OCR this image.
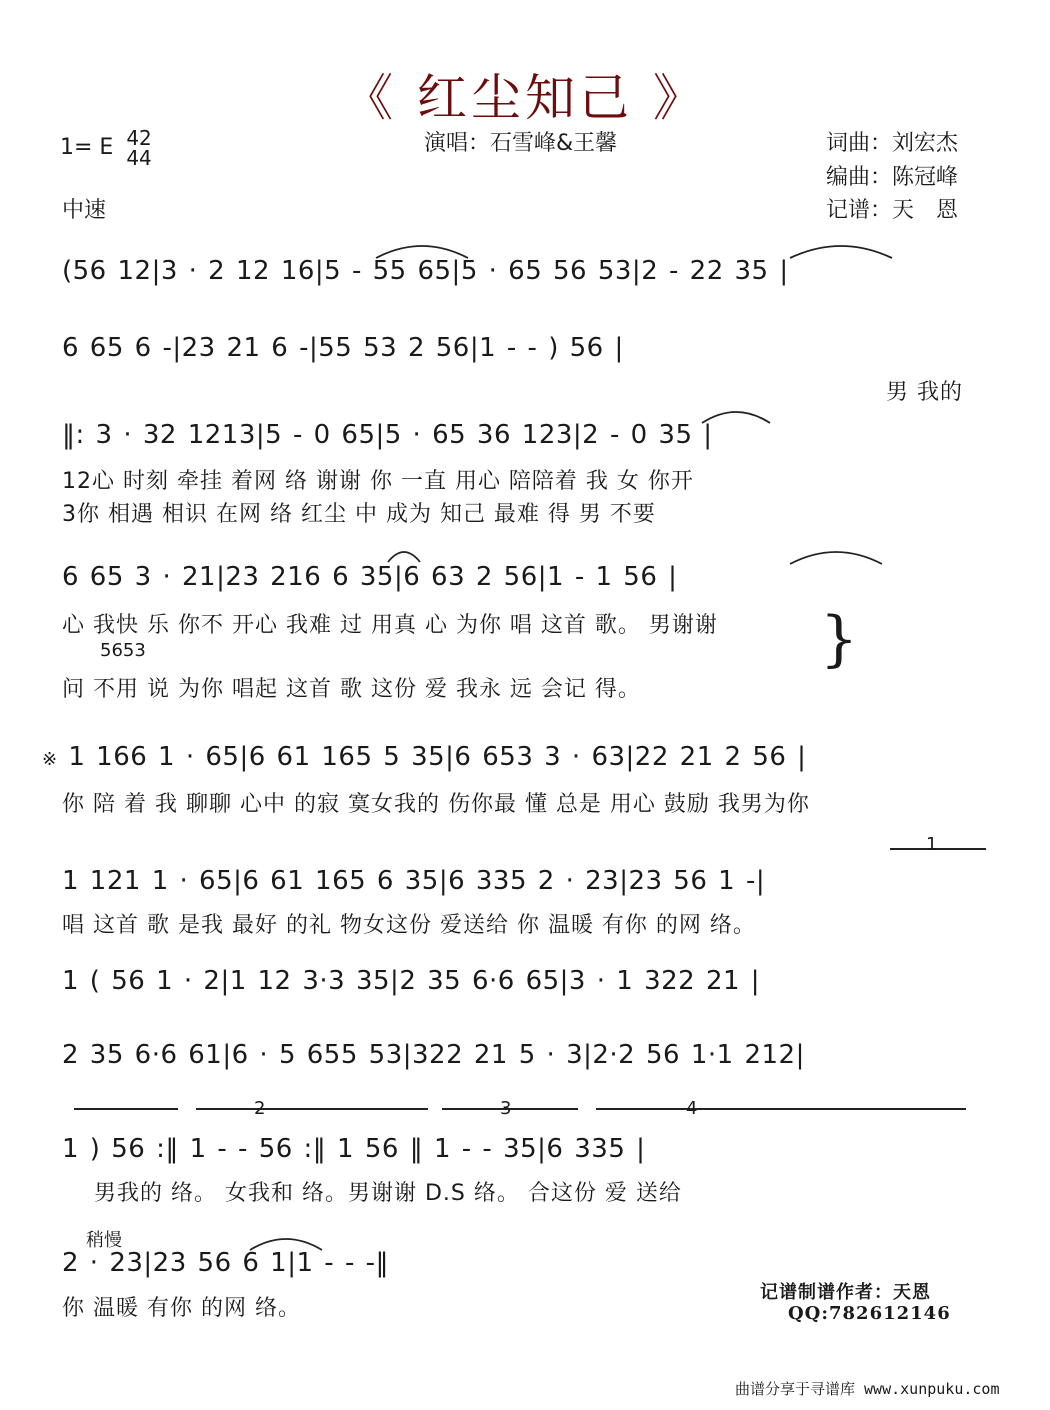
《 红尘知己 》
1= E 42
44
中速
演唱：石雪峰&王馨	词曲：刘宏杰
编曲：陈冠峰
记谱：天　恩
(56 12|3 · 2 12 16|5 - 55 65|5 · 65 56 53|2 - 22 35 |
6 65 6 -|23 21 6 -|55 53 2 56|1 - - ) 56 |
男 我的
‖: 3 · 32 1213|5 - 0 65|5 · 65 36 123|2 - 0 35 |
12心 时刻 牵挂 着网 络 谢谢 你 一直 用心 陪陪着 我 女 你开
3你 相遇 相识 在网 络 红尘 中 成为 知己 最难 得 男 不要
6 65 3 · 21|23 216 6 35|6 63 2 56|1 - 1 56 |
心 我快 乐 你不 开心 我难 过 用真 心 为你 唱 这首 歌。 男谢谢
5653
问 不用 说 为你 唱起 这首 歌 这份 爱 我永 远 会记 得。
}
※ 1 166 1 · 65|6 61 165 5 35|6 653 3 · 63|22 21 2 56 |
你 陪 着 我 聊聊 心中 的寂 寞女我的 伤你最 懂 总是 用心 鼓励 我男为你
1 121 1 · 65|6 61 165 6 35|6 335 2 · 23|23 56 1 -|
1
唱 这首 歌 是我 最好 的礼 物女这份 爱送给 你 温暖 有你 的网 络。
1 ( 56 1 · 2|1 12 3·3 35|2 35 6·6 65|3 · 1 322 21 |
2 35 6·6 61|6 · 5 655 53|322 21 5 · 3|2·2 56 1·1 212|
2	3	4
1 ) 56 :‖ 1 - - 56 :‖ 1 56 ‖ 1 - - 35|6 335 |
男我的 络。 女我和 络。男谢谢 D.S 络。 合这份 爱 送给
稍慢
2 · 23|23 56 6 1|1 - - -‖
你 温暖 有你 的网 络。
记谱制谱作者：天恩
QQ:782612146
曲谱分享于寻谱库 www.xunpuku.com
